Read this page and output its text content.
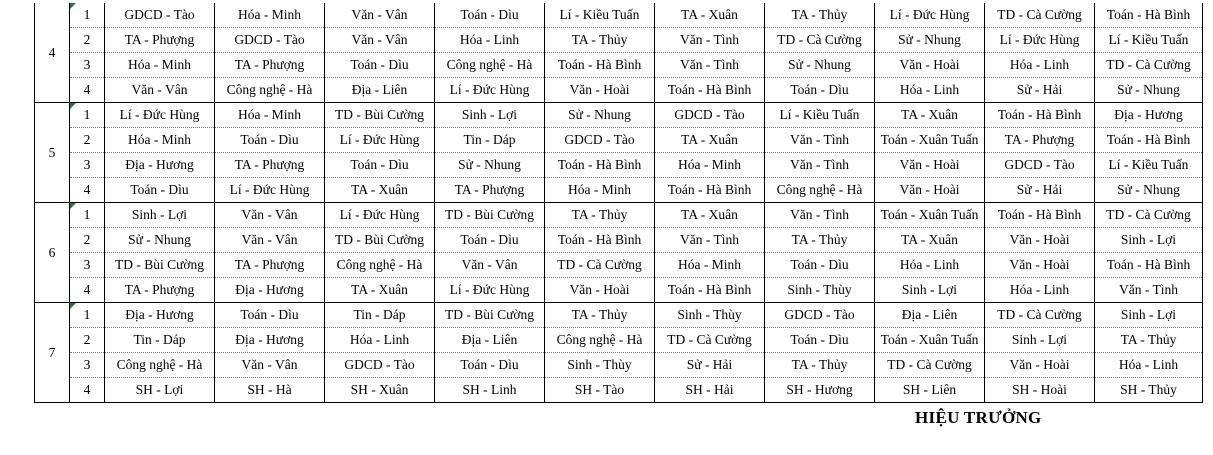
4	1	GDCD - Tào	Hóa - Minh	Văn - Vân	Toán - Dìu	Lí - Kiều Tuấn	TA - Xuân	TA - Thủy	Lí - Đức Hùng	TD - Cà Cường	Toán - Hà Bình
	2	TA - Phượng	GDCD - Tào	Văn - Vân	Hóa - Linh	TA - Thủy	Văn - Tình	TD - Cà Cường	Sử - Nhung	Lí - Đức Hùng	Lí - Kiều Tuấn
	3	Hóa - Minh	TA - Phượng	Toán - Dìu	Công nghệ - Hà	Toán - Hà Bình	Văn - Tình	Sử - Nhung	Văn - Hoài	Hóa - Linh	TD - Cà Cường
	4	Văn - Vân	Công nghệ - Hà	Địa - Liên	Lí - Đức Hùng	Văn - Hoài	Toán - Hà Bình	Toán - Dìu	Hóa - Linh	Sử - Hải	Sử - Nhung
5	1	Lí - Đức Hùng	Hóa - Minh	TD - Bùi Cường	Sinh - Lợi	Sử - Nhung	GDCD - Tào	Lí - Kiều Tuấn	TA - Xuân	Toán - Hà Bình	Địa - Hương
	2	Hóa - Minh	Toán - Dìu	Lí - Đức Hùng	Tin - Dáp	GDCD - Tào	TA - Xuân	Văn - Tình	Toán - Xuân Tuấn	TA - Phượng	Toán - Hà Bình
	3	Địa - Hương	TA - Phượng	Toán - Dìu	Sử - Nhung	Toán - Hà Bình	Hóa - Minh	Văn - Tình	Văn - Hoài	GDCD - Tào	Lí - Kiều Tuấn
	4	Toán - Dìu	Lí - Đức Hùng	TA - Xuân	TA - Phượng	Hóa - Minh	Toán - Hà Bình	Công nghệ - Hà	Văn - Hoài	Sử - Hải	Sử - Nhung
6	1	Sinh - Lợi	Văn - Vân	Lí - Đức Hùng	TD - Bùi Cường	TA - Thủy	TA - Xuân	Văn - Tình	Toán - Xuân Tuấn	Toán - Hà Bình	TD - Cà Cường
	2	Sử - Nhung	Văn - Vân	TD - Bùi Cường	Toán - Dìu	Toán - Hà Bình	Văn - Tình	TA - Thủy	TA - Xuân	Văn - Hoài	Sinh - Lợi
	3	TD - Bùi Cường	TA - Phượng	Công nghệ - Hà	Văn - Vân	TD - Cà Cường	Hóa - Minh	Toán - Dìu	Hóa - Linh	Văn - Hoài	Toán - Hà Bình
	4	TA - Phượng	Địa - Hương	TA - Xuân	Lí - Đức Hùng	Văn - Hoài	Toán - Hà Bình	Sinh - Thùy	Sinh - Lợi	Hóa - Linh	Văn - Tình
7	1	Địa - Hương	Toán - Dìu	Tin - Dáp	TD - Bùi Cường	TA - Thủy	Sinh - Thùy	GDCD - Tào	Địa - Liên	TD - Cà Cường	Sinh - Lợi
	2	Tin - Dáp	Địa - Hương	Hóa - Linh	Địa - Liên	Công nghệ - Hà	TD - Cà Cường	Toán - Dìu	Toán - Xuân Tuấn	Sinh - Lợi	TA - Thủy
	3	Công nghệ - Hà	Văn - Vân	GDCD - Tào	Toán - Dìu	Sinh - Thùy	Sử - Hải	TA - Thủy	TD - Cà Cường	Văn - Hoài	Hóa - Linh
	4	SH - Lợi	SH - Hà	SH - Xuân	SH - Linh	SH - Tào	SH - Hải	SH - Hương	SH - Liên	SH - Hoài	SH - Thủy
HIỆU TRƯỞNG
